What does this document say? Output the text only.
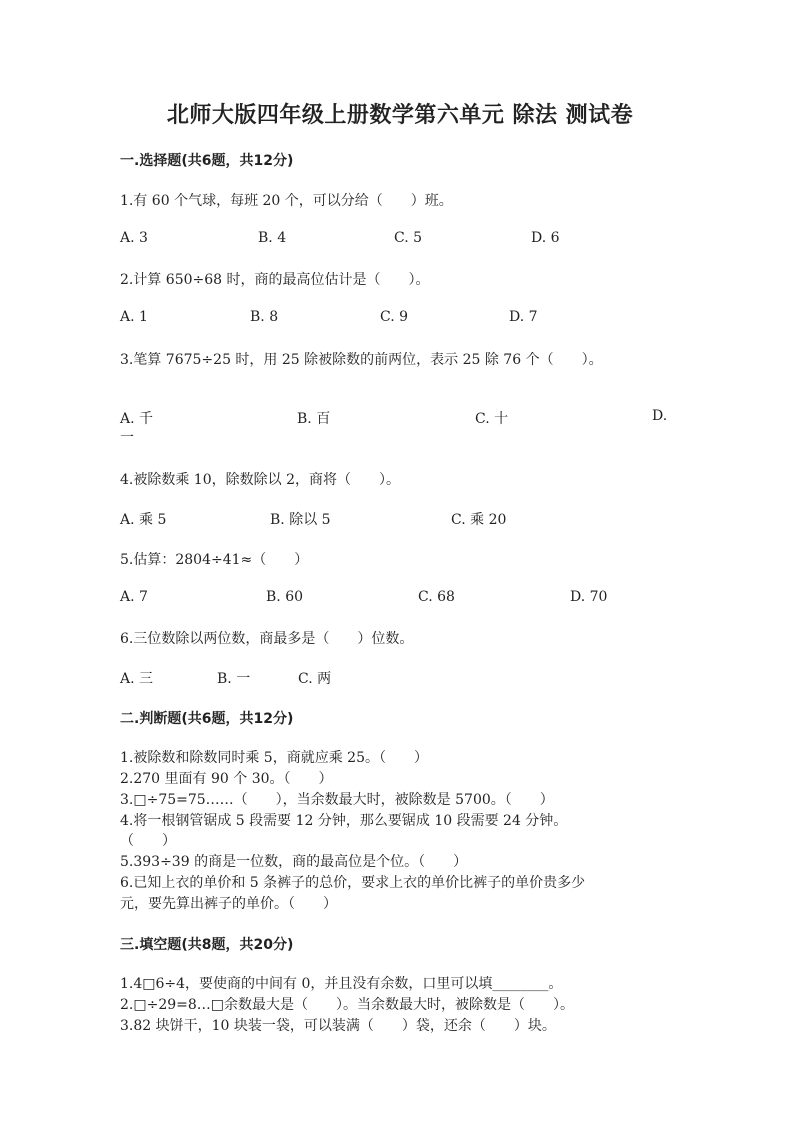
北师大版四年级上册数学第六单元 除法 测试卷
一.选择题(共6题，共12分)
1.有 60 个气球，每班 20 个，可以分给（　　）班。
A. 3	B. 4	C. 5	D. 6
2.计算 650÷68 时，商的最高位估计是（　　）。
A. 1	B. 8	C. 9	D. 7
3.笔算 7675÷25 时，用 25 除被除数的前两位，表示 25 除 76 个（　　）。
A. 千	B. 百	C. 十	D.
一
4.被除数乘 10，除数除以 2，商将（　　）。
A. 乘 5	B. 除以 5	C. 乘 20
5.估算：2804÷41≈（　　）
A. 7	B. 60	C. 68	D. 70
6.三位数除以两位数，商最多是（　　）位数。
A. 三	B. 一	C. 两
二.判断题(共6题，共12分)
1.被除数和除数同时乘 5，商就应乘 25。（　　）
2.270 里面有 90 个 30。（　　）
3.□÷75=75……（　　），当余数最大时，被除数是 5700。（　　）
4.将一根钢管锯成 5 段需要 12 分钟，那么要锯成 10 段需要 24 分钟。
（　　）
5.393÷39 的商是一位数，商的最高位是个位。（　　）
6.已知上衣的单价和 5 条裤子的总价，要求上衣的单价比裤子的单价贵多少
元，要先算出裤子的单价。（　　）
三.填空题(共8题，共20分)
1.4□6÷4，要使商的中间有 0，并且没有余数，口里可以填________。
2.□÷29=8…□余数最大是（　　）。当余数最大时，被除数是（　　）。
3.82 块饼干，10 块装一袋，可以装满（　　）袋，还余（　　）块。
